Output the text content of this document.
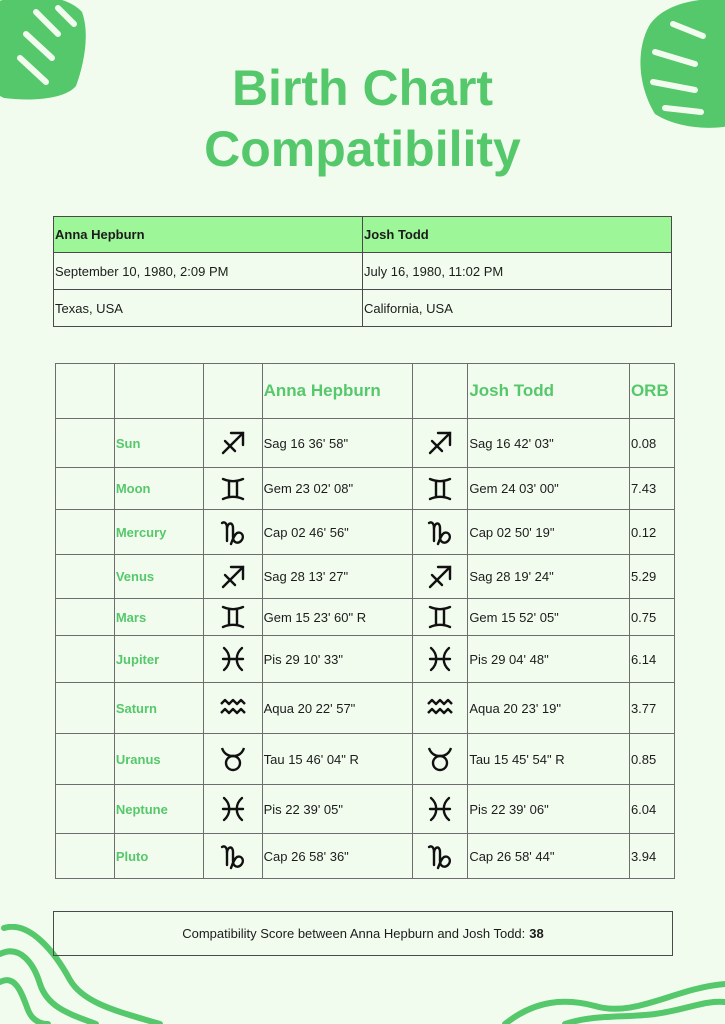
Birth Chart
Compatibility
Anna Hepburn	Josh Todd
September 10, 1980, 2:09 PM	July 16, 1980, 11:02 PM
Texas, USA	California, USA
			Anna Hepburn		Josh Todd	ORB
	Sun		Sag 16 36' 58"		Sag 16 42' 03"	0.08
	Moon		Gem 23 02' 08"		Gem 24 03' 00"	7.43
	Mercury		Cap 02 46' 56"		Cap 02 50' 19"	0.12
	Venus		Sag 28 13' 27"		Sag 28 19' 24"	5.29
	Mars		Gem 15 23' 60" R		Gem 15 52' 05"	0.75
	Jupiter		Pis 29 10' 33"		Pis 29 04' 48"	6.14
	Saturn		Aqua 20 22' 57"		Aqua 20 23' 19"	3.77
	Uranus		Tau 15 46' 04" R		Tau 15 45' 54" R	0.85
	Neptune		Pis 22 39' 05"		Pis 22 39' 06"	6.04
	Pluto		Cap 26 58' 36"		Cap 26 58' 44"	3.94
Compatibility Score between Anna Hepburn and Josh Todd: 38
